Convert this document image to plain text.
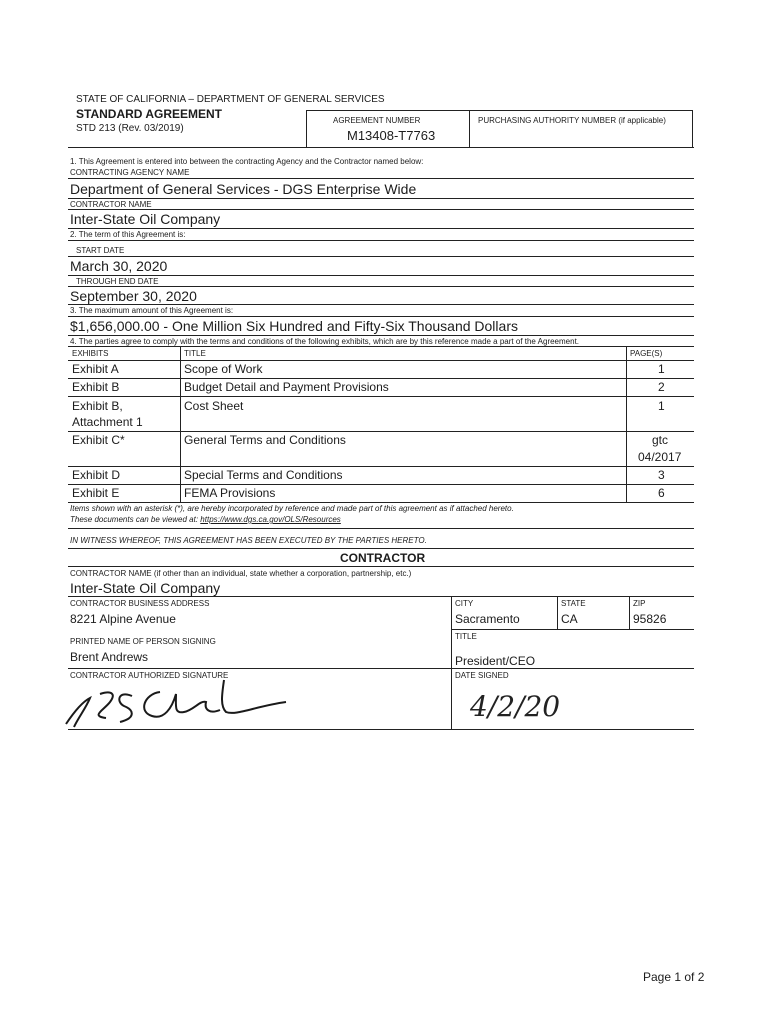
STATE OF CALIFORNIA – DEPARTMENT OF GENERAL SERVICES
STANDARD AGREEMENT
STD 213 (Rev. 03/2019)
AGREEMENT NUMBER
M13408-T7763
PURCHASING AUTHORITY NUMBER (if applicable)
1. This Agreement is entered into between the contracting Agency and the Contractor named below:
CONTRACTING AGENCY NAME
Department of General Services - DGS Enterprise Wide
CONTRACTOR NAME
Inter-State Oil Company
2. The term of this Agreement is:
START DATE
March 30, 2020
THROUGH END DATE
September 30, 2020
3. The maximum amount of this Agreement is:
$1,656,000.00 - One Million Six Hundred and Fifty-Six Thousand Dollars
4. The parties agree to comply with the terms and conditions of the following exhibits, which are by this reference made a part of the Agreement.
EXHIBITS	TITLE	PAGE(S)
Exhibit A	Scope of Work	1
Exhibit B	Budget Detail and Payment Provisions	2
Exhibit B,
Attachment 1
Cost Sheet	1
Exhibit C*	General Terms and Conditions	gtc
04/2017
Exhibit D	Special Terms and Conditions	3
Exhibit E	FEMA Provisions	6
Items shown with an asterisk (*), are hereby incorporated by reference and made part of this agreement as if attached hereto.
These documents can be viewed at: https://www.dgs.ca.gov/OLS/Resources
IN WITNESS WHEREOF, THIS AGREEMENT HAS BEEN EXECUTED BY THE PARTIES HERETO.
CONTRACTOR
CONTRACTOR NAME (if other than an individual, state whether a corporation, partnership, etc.)
Inter-State Oil Company
CONTRACTOR BUSINESS ADDRESS
8221 Alpine Avenue
CITY
Sacramento
STATE
CA
ZIP
95826
TITLE
PRINTED NAME OF PERSON SIGNING
Brent Andrews	President/CEO
CONTRACTOR AUTHORIZED SIGNATURE	DATE SIGNED
4/2/20
Page 1 of 2
